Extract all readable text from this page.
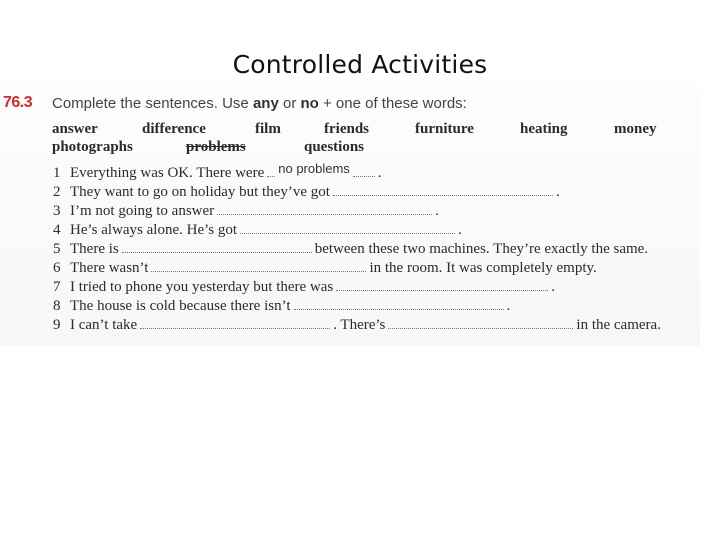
Controlled Activities
76.3 Complete the sentences. Use any or no + one of these words:
answer	difference	film	friends	furniture	heating	money
photographs	problems	questions
1 Everything was OK. There were no problems .
2 They want to go on holiday but they’ve got	.
3 I’m not going to answer	.
4 He’s always alone. He’s got	.
5 There is	between these two machines. They’re exactly the same.
6 There wasn’t	in the room. It was completely empty.
7 I tried to phone you yesterday but there was	.
8 The house is cold because there isn’t	.
9 I can’t take	. There’s	in the camera.
